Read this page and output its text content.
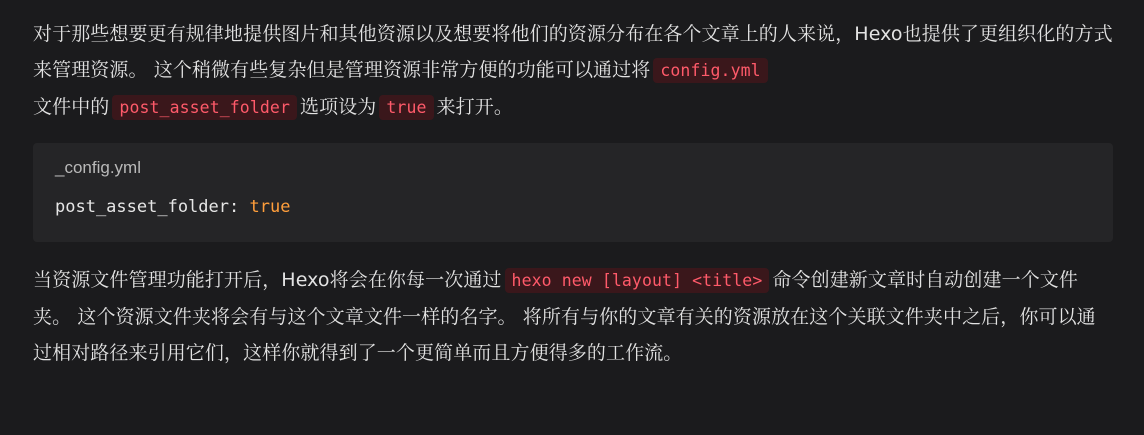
对于那些想要更有规律地提供图片和其他资源以及想要将他们的资源分布在各个文章上的人来说，Hexo也提供了更组织化的方式来管理资源。 这个稍微有些复杂但是管理资源非常方便的功能可以通过将 config.yml
文件中的 post_asset_folder 选项设为 true 来打开。

_config.yml
post_asset_folder: true

当资源文件管理功能打开后，Hexo将会在你每一次通过 hexo new [layout] <title> 命令创建新文章时自动创建一个文件夹。 这个资源文件夹将会有与这个文章文件一样的名字。 将所有与你的文章有关的资源放在这个关联文件夹中之后，你可以通过相对路径来引用它们，这样你就得到了一个更简单而且方便得多的工作流。
